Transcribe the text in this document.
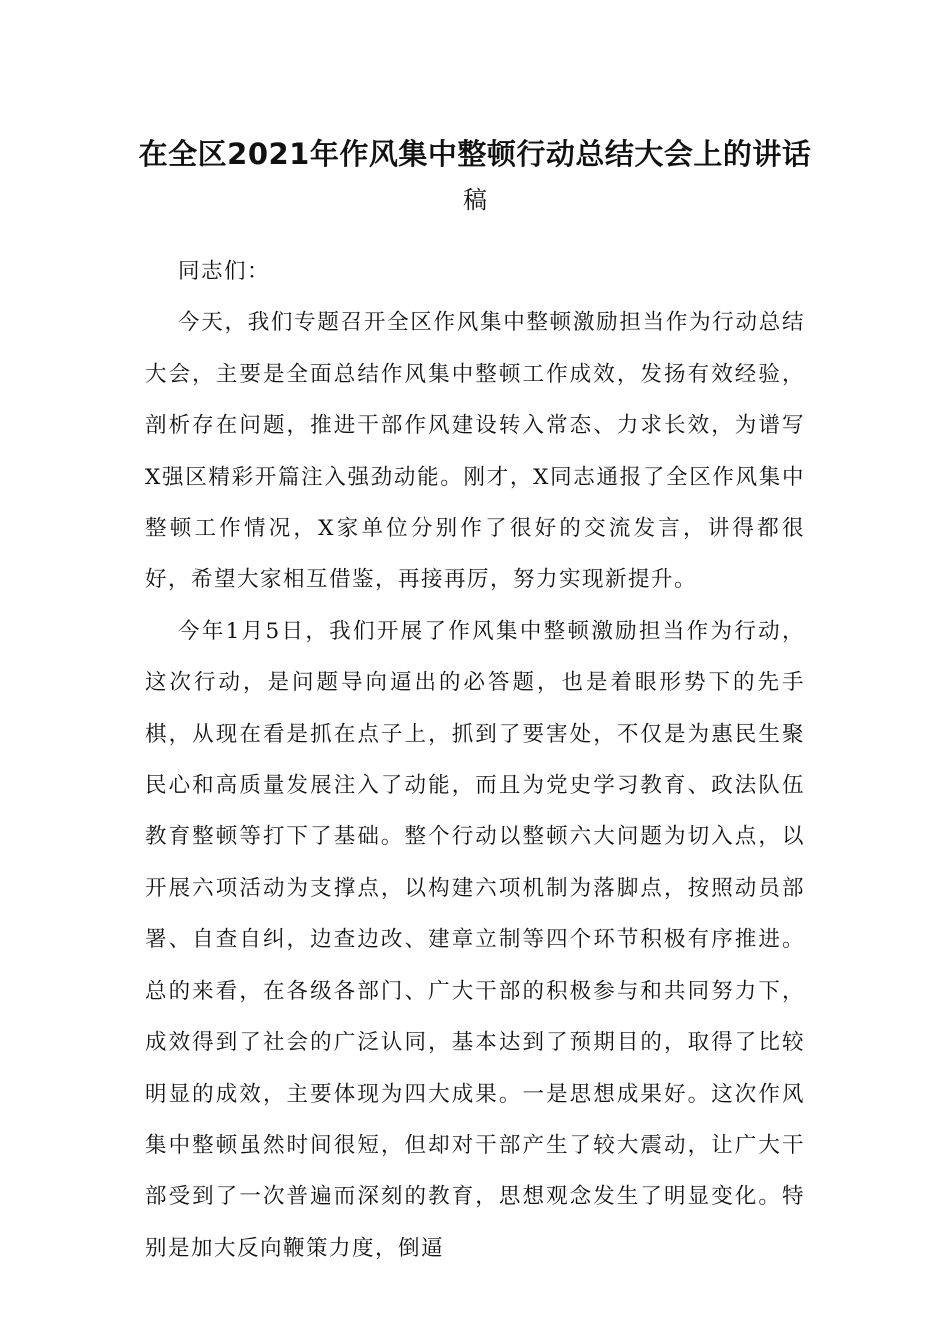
在全区2021年作风集中整顿行动总结大会上的讲话
稿

同志们：

今天，我们专题召开全区作风集中整顿激励担当作为行动总结大会，主要是全面总结作风集中整顿工作成效，发扬有效经验，剖析存在问题，推进干部作风建设转入常态、力求长效，为谱写X强区精彩开篇注入强劲动能。刚才，X同志通报了全区作风集中整顿工作情况，X家单位分别作了很好的交流发言，讲得都很好，希望大家相互借鉴，再接再厉，努力实现新提升。

今年1月5日，我们开展了作风集中整顿激励担当作为行动，这次行动，是问题导向逼出的必答题，也是着眼形势下的先手棋，从现在看是抓在点子上，抓到了要害处，不仅是为惠民生聚民心和高质量发展注入了动能，而且为党史学习教育、政法队伍教育整顿等打下了基础。整个行动以整顿六大问题为切入点，以开展六项活动为支撑点，以构建六项机制为落脚点，按照动员部署、自查自纠，边查边改、建章立制等四个环节积极有序推进。总的来看，在各级各部门、广大干部的积极参与和共同努力下，成效得到了社会的广泛认同，基本达到了预期目的，取得了比较明显的成效，主要体现为四大成果。一是思想成果好。这次作风集中整顿虽然时间很短，但却对干部产生了较大震动，让广大干部受到了一次普遍而深刻的教育，思想观念发生了明显变化。特别是加大反向鞭策力度，倒逼
